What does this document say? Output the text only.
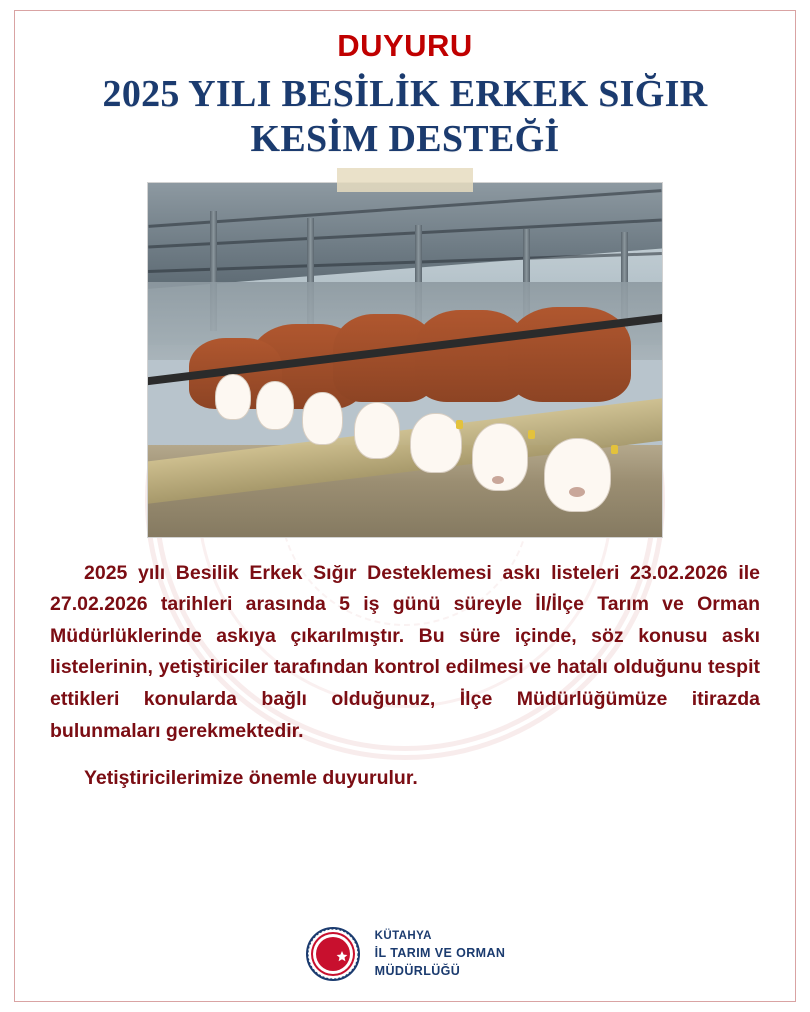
DUYURU
2025 YILI BESİLİK ERKEK SIĞIR
KESİM DESTEĞİ
2025 yılı Besilik Erkek Sığır Desteklemesi askı listeleri 23.02.2026 ile 27.02.2026 tarihleri arasında 5 iş günü süreyle İl/İlçe Tarım ve Orman Müdürlüklerinde askıya çıkarılmıştır. Bu süre içinde, söz konusu askı listelerinin, yetiştiriciler tarafından kontrol edilmesi ve hatalı olduğunu tespit ettikleri konularda bağlı olduğunuz, İlçe Müdürlüğümüze itirazda bulunmaları gerekmektedir.
Yetiştiricilerimize önemle duyurulur.
KÜTAHYA
İL TARIM VE ORMAN
MÜDÜRLÜĞÜ
